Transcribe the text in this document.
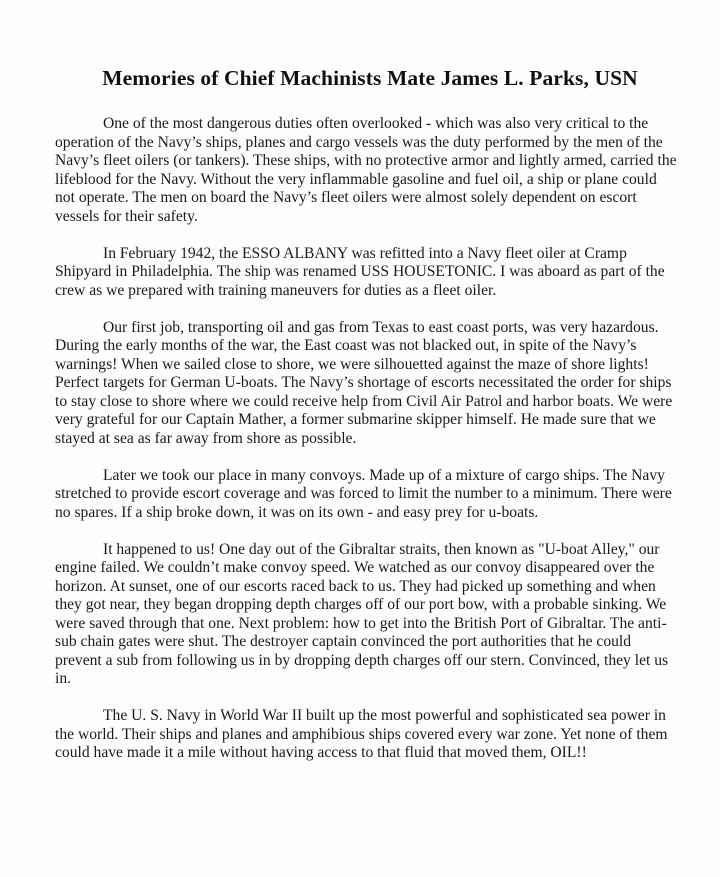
Memories of Chief Machinists Mate James L. Parks, USN

One of the most dangerous duties often overlooked - which was also very critical to the operation of the Navy’s ships, planes and cargo vessels was the duty performed by the men of the Navy’s fleet oilers (or tankers). These ships, with no protective armor and lightly armed, carried the lifeblood for the Navy. Without the very inflammable gasoline and fuel oil, a ship or plane could not operate. The men on board the Navy’s fleet oilers were almost solely dependent on escort vessels for their safety.

In February 1942, the ESSO ALBANY was refitted into a Navy fleet oiler at Cramp Shipyard in Philadelphia. The ship was renamed USS HOUSETONIC. I was aboard as part of the crew as we prepared with training maneuvers for duties as a fleet oiler.

Our first job, transporting oil and gas from Texas to east coast ports, was very hazardous. During the early months of the war, the East coast was not blacked out, in spite of the Navy’s warnings! When we sailed close to shore, we were silhouetted against the maze of shore lights! Perfect targets for German U-boats. The Navy’s shortage of escorts necessitated the order for ships to stay close to shore where we could receive help from Civil Air Patrol and harbor boats. We were very grateful for our Captain Mather, a former submarine skipper himself. He made sure that we stayed at sea as far away from shore as possible.

Later we took our place in many convoys. Made up of a mixture of cargo ships. The Navy stretched to provide escort coverage and was forced to limit the number to a minimum. There were no spares. If a ship broke down, it was on its own - and easy prey for u-boats.

It happened to us! One day out of the Gibraltar straits, then known as "U-boat Alley," our engine failed. We couldn’t make convoy speed. We watched as our convoy disappeared over the horizon. At sunset, one of our escorts raced back to us. They had picked up something and when they got near, they began dropping depth charges off of our port bow, with a probable sinking. We were saved through that one. Next problem: how to get into the British Port of Gibraltar. The anti-sub chain gates were shut. The destroyer captain convinced the port authorities that he could prevent a sub from following us in by dropping depth charges off our stern. Convinced, they let us in.

The U. S. Navy in World War II built up the most powerful and sophisticated sea power in the world. Their ships and planes and amphibious ships covered every war zone. Yet none of them could have made it a mile without having access to that fluid that moved them, OIL!!
